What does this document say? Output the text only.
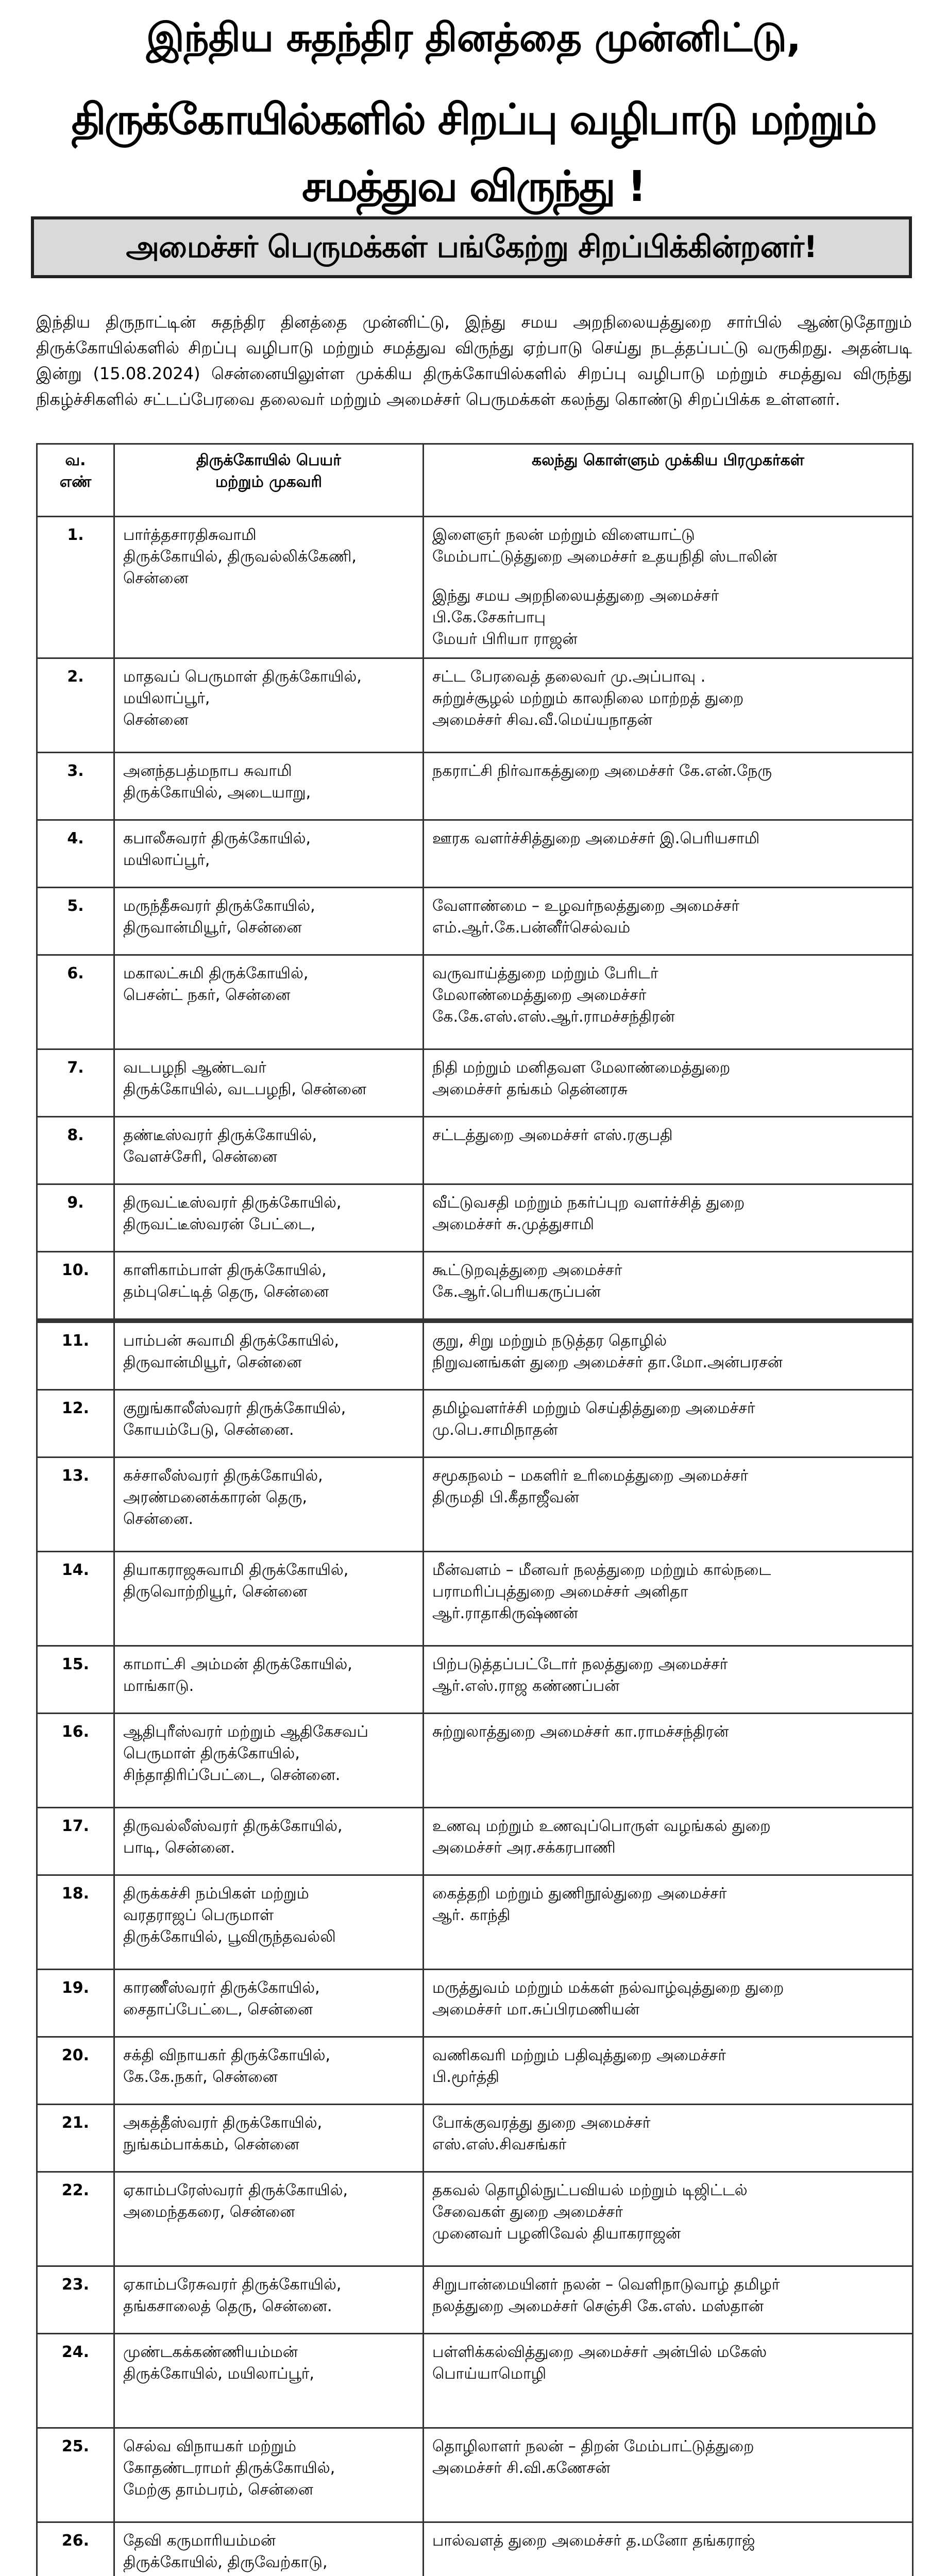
இந்திய சுதந்திர தினத்தை முன்னிட்டு,
திருக்கோயில்களில் சிறப்பு வழிபாடு மற்றும் சமத்துவ விருந்து !
அமைச்சர் பெருமக்கள் பங்கேற்று சிறப்பிக்கின்றனர்!
இந்திய திருநாட்டின் சுதந்திர தினத்தை முன்னிட்டு, இந்து சமய அறநிலையத்துறை சார்பில் ஆண்டுதோறும் திருக்கோயில்களில் சிறப்பு வழிபாடு மற்றும் சமத்துவ விருந்து ஏற்பாடு செய்து நடத்தப்பட்டு வருகிறது. அதன்படி இன்று (15.08.2024) சென்னையிலுள்ள முக்கிய திருக்கோயில்களில் சிறப்பு வழிபாடு மற்றும் சமத்துவ விருந்து நிகழ்ச்சிகளில் சட்டப்பேரவை தலைவர் மற்றும் அமைச்சர் பெருமக்கள் கலந்து கொண்டு சிறப்பிக்க உள்ளனர்.
வ.
எண்	திருக்கோயில் பெயர்
மற்றும் முகவரி	கலந்து கொள்ளும் முக்கிய பிரமுகர்கள்
1.	பார்த்தசாரதிசுவாமி
திருக்கோயில், திருவல்லிக்கேணி,
சென்னை	இளைஞர் நலன் மற்றும் விளையாட்டு
மேம்பாட்டுத்துறை அமைச்சர் உதயநிதி ஸ்டாலின்
இந்து சமய அறநிலையத்துறை அமைச்சர்
பி.கே.சேகர்பாபு
மேயர் பிரியா ராஜன்

2.	மாதவப் பெருமாள் திருக்கோயில்,
மயிலாப்பூர்,
சென்னை	சட்ட பேரவைத் தலைவர் மு.அப்பாவு .
சுற்றுச்சூழல் மற்றும் காலநிலை மாற்றத் துறை
அமைச்சர் சிவ.வீ.மெய்யநாதன்

3.	அனந்தபத்மநாப சுவாமி
திருக்கோயில், அடையாறு,	நகராட்சி நிர்வாகத்துறை அமைச்சர் கே.என்.நேரு

4.	கபாலீசுவரர் திருக்கோயில்,
மயிலாப்பூர்,	ஊரக வளர்ச்சித்துறை அமைச்சர் இ.பெரியசாமி

5.	மருந்தீசுவரர் திருக்கோயில்,
திருவான்மியூர், சென்னை	வேளாண்மை – உழவர்நலத்துறை அமைச்சர்
எம்.ஆர்.கே.பன்னீர்செல்வம்

6.	மகாலட்சுமி திருக்கோயில்,
பெசன்ட் நகர், சென்னை	வருவாய்த்துறை மற்றும் பேரிடர்
மேலாண்மைத்துறை அமைச்சர்
கே.கே.எஸ்.எஸ்.ஆர்.ராமச்சந்திரன்

7.	வடபழநி ஆண்டவர்
திருக்கோயில், வடபழநி, சென்னை	நிதி மற்றும் மனிதவள மேலாண்மைத்துறை
அமைச்சர் தங்கம் தென்னரசு

8.	தண்டீஸ்வரர் திருக்கோயில்,
வேளச்சேரி, சென்னை	சட்டத்துறை அமைச்சர் எஸ்.ரகுபதி

9.	திருவட்டீஸ்வரர் திருக்கோயில்,
திருவட்டீஸ்வரன் பேட்டை,	வீட்டுவசதி மற்றும் நகர்ப்புற வளர்ச்சித் துறை
அமைச்சர் சு.முத்துசாமி

10.	காளிகாம்பாள் திருக்கோயில்,
தம்புசெட்டித் தெரு, சென்னை	கூட்டுறவுத்துறை அமைச்சர்
கே.ஆர்.பெரியகருப்பன்

11.	பாம்பன் சுவாமி திருக்கோயில்,
திருவான்மியூர், சென்னை	குறு, சிறு மற்றும் நடுத்தர தொழில்
நிறுவனங்கள் துறை அமைச்சர் தா.மோ.அன்பரசன்

12.	குறுங்காலீஸ்வரர் திருக்கோயில்,
கோயம்பேடு, சென்னை.	தமிழ்வளர்ச்சி மற்றும் செய்தித்துறை அமைச்சர்
மு.பெ.சாமிநாதன்

13.	கச்சாலீஸ்வரர் திருக்கோயில்,
அரண்மனைக்காரன் தெரு,
சென்னை.	சமூகநலம் – மகளிர் உரிமைத்துறை அமைச்சர்
திருமதி பி.கீதாஜீவன்

14.	தியாகராஜசுவாமி திருக்கோயில்,
திருவொற்றியூர், சென்னை	மீன்வளம் – மீனவர் நலத்துறை மற்றும் கால்நடை
பராமரிப்புத்துறை அமைச்சர் அனிதா
ஆர்.ராதாகிருஷ்ணன்

15.	காமாட்சி அம்மன் திருக்கோயில்,
மாங்காடு.	பிற்படுத்தப்பட்டோர் நலத்துறை அமைச்சர்
ஆர்.எஸ்.ராஜ கண்ணப்பன்

16.	ஆதிபுரீஸ்வரர் மற்றும் ஆதிகேசவப்
பெருமாள் திருக்கோயில்,
சிந்தாதிரிப்பேட்டை, சென்னை.	சுற்றுலாத்துறை அமைச்சர் கா.ராமச்சந்திரன்

17.	திருவல்லீஸ்வரர் திருக்கோயில்,
பாடி, சென்னை.	உணவு மற்றும் உணவுப்பொருள் வழங்கல் துறை
அமைச்சர் அர.சக்கரபாணி

18.	திருக்கச்சி நம்பிகள் மற்றும்
வரதராஜப் பெருமாள்
திருக்கோயில், பூவிருந்தவல்லி	கைத்தறி மற்றும் துணிநூல்துறை அமைச்சர்
ஆர். காந்தி

19.	காரணீஸ்வரர் திருக்கோயில்,
சைதாப்பேட்டை, சென்னை	மருத்துவம் மற்றும் மக்கள் நல்வாழ்வுத்துறை துறை
அமைச்சர் மா.சுப்பிரமணியன்

20.	சக்தி விநாயகர் திருக்கோயில்,
கே.கே.நகர், சென்னை	வணிகவரி மற்றும் பதிவுத்துறை அமைச்சர்
பி.மூர்த்தி

21.	அகத்தீஸ்வரர் திருக்கோயில்,
நுங்கம்பாக்கம், சென்னை	போக்குவரத்து துறை அமைச்சர்
எஸ்.எஸ்.சிவசங்கர்

22.	ஏகாம்பரேஸ்வரர் திருக்கோயில்,
அமைந்தகரை, சென்னை	தகவல் தொழில்நுட்பவியல் மற்றும் டிஜிட்டல்
சேவைகள் துறை அமைச்சர்
முனைவர் பழனிவேல் தியாகராஜன்

23.	ஏகாம்பரேசுவரர் திருக்கோயில்,
தங்கசாலைத் தெரு, சென்னை.	சிறுபான்மையினர் நலன் – வெளிநாடுவாழ் தமிழர்
நலத்துறை அமைச்சர் செஞ்சி கே.எஸ். மஸ்தான்

24.	முண்டகக்கண்ணியம்மன்
திருக்கோயில், மயிலாப்பூர்,	பள்ளிக்கல்வித்துறை அமைச்சர் அன்பில் மகேஸ்
பொய்யாமொழி

25.	செல்வ விநாயகர் மற்றும்
கோதண்டராமர் திருக்கோயில்,
மேற்கு தாம்பரம், சென்னை	தொழிலாளர் நலன் – திறன் மேம்பாட்டுத்துறை
அமைச்சர் சி.வி.கணேசன்

26.	தேவி கருமாரியம்மன்
திருக்கோயில், திருவேற்காடு,	பால்வளத் துறை அமைச்சர் த.மனோ தங்கராஜ்
